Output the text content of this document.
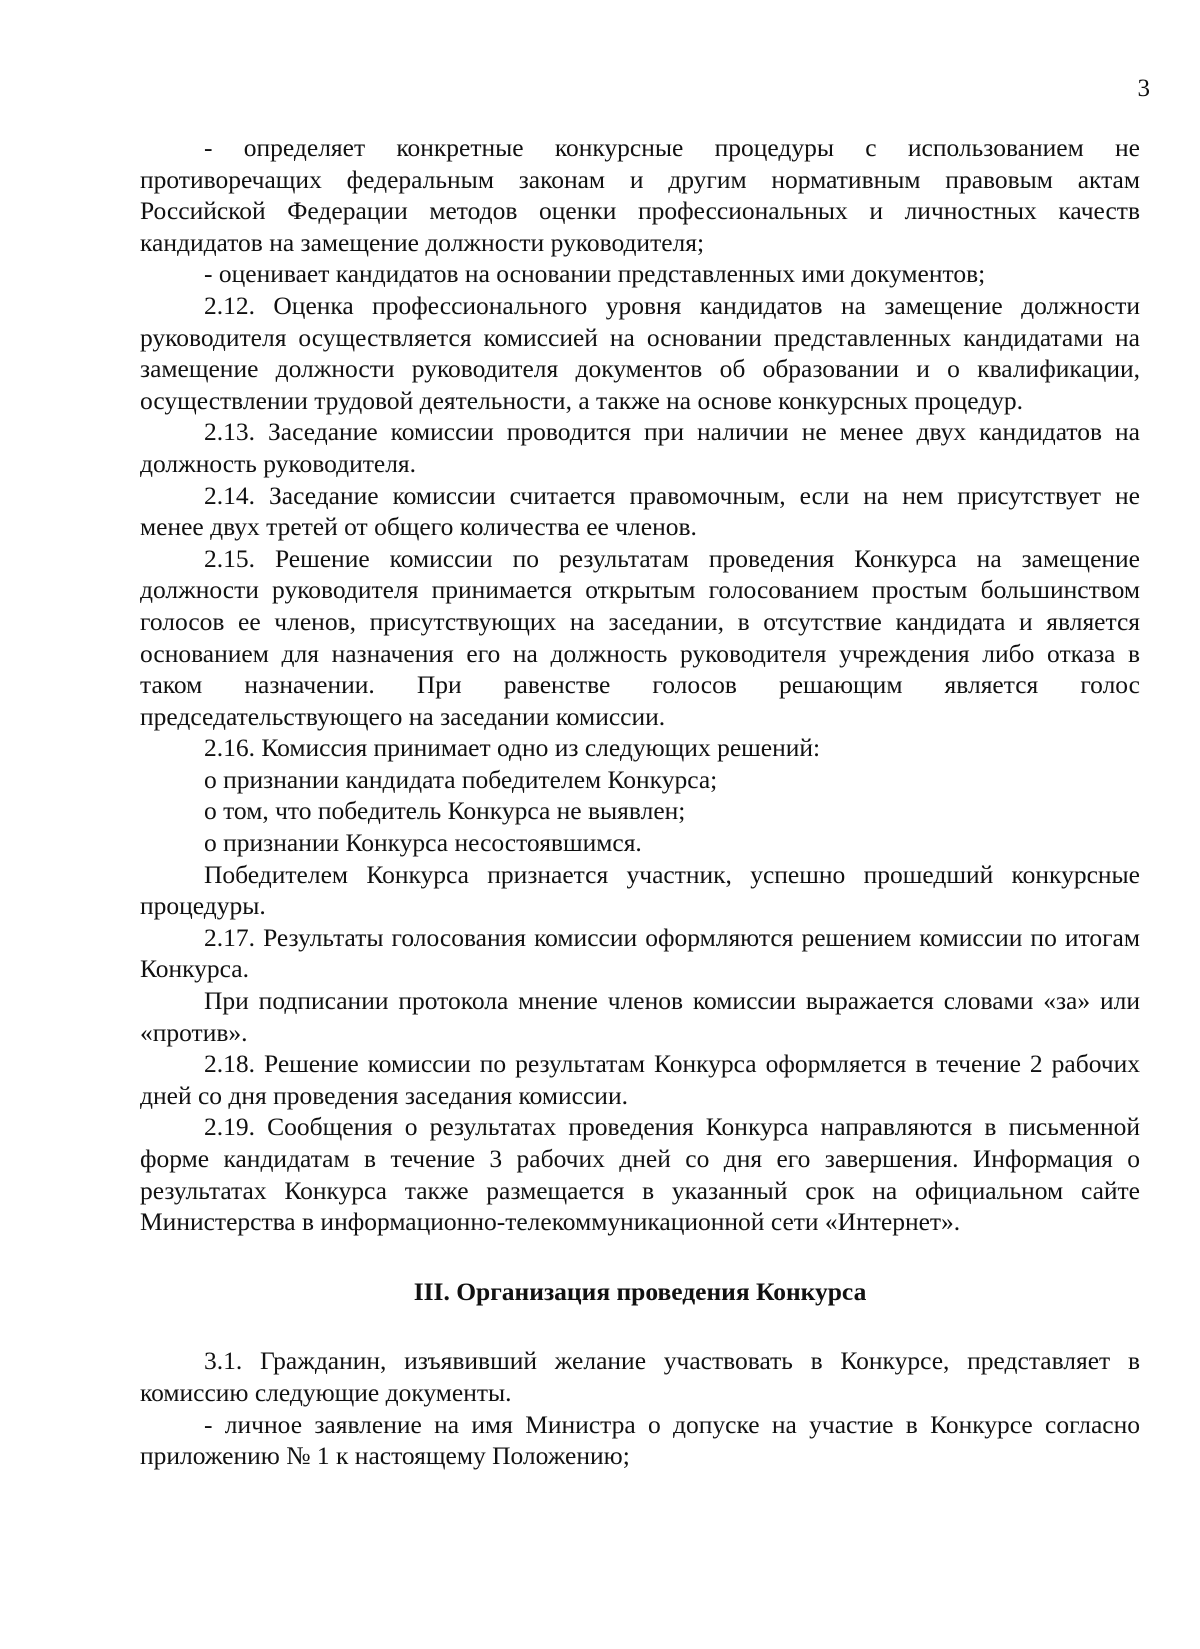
3

- определяет конкретные конкурсные процедуры с использованием не противоречащих федеральным законам и другим нормативным правовым актам Российской Федерации методов оценки профессиональных и личностных качеств кандидатов на замещение должности руководителя;

- оценивает кандидатов на основании представленных ими документов;

2.12. Оценка профессионального уровня кандидатов на замещение должности руководителя осуществляется комиссией на основании представленных кандидатами на замещение должности руководителя документов об образовании и о квалификации, осуществлении трудовой деятельности, а также на основе конкурсных процедур.

2.13. Заседание комиссии проводится при наличии не менее двух кандидатов на должность руководителя.

2.14. Заседание комиссии считается правомочным, если на нем присутствует не менее двух третей от общего количества ее членов.

2.15. Решение комиссии по результатам проведения Конкурса на замещение должности руководителя принимается открытым голосованием простым большинством голосов ее членов, присутствующих на заседании, в отсутствие кандидата и является основанием для назначения его на должность руководителя учреждения либо отказа в таком назначении. При равенстве голосов решающим является голос председательствующего на заседании комиссии.

2.16. Комиссия принимает одно из следующих решений:

о признании кандидата победителем Конкурса;

о том, что победитель Конкурса не выявлен;

о признании Конкурса несостоявшимся.

Победителем Конкурса признается участник, успешно прошедший конкурсные процедуры.

2.17. Результаты голосования комиссии оформляются решением комиссии по итогам Конкурса.

При подписании протокола мнение членов комиссии выражается словами «за» или «против».

2.18. Решение комиссии по результатам Конкурса оформляется в течение 2 рабочих дней со дня проведения заседания комиссии.

2.19. Сообщения о результатах проведения Конкурса направляются в письменной форме кандидатам в течение 3 рабочих дней со дня его завершения. Информация о результатах Конкурса также размещается в указанный срок на официальном сайте Министерства в информационно-телекоммуникационной сети «Интернет».

III. Организация проведения Конкурса

3.1. Гражданин, изъявивший желание участвовать в Конкурсе, представляет в комиссию следующие документы.

- личное заявление на имя Министра о допуске на участие в Конкурсе согласно приложению № 1 к настоящему Положению;
